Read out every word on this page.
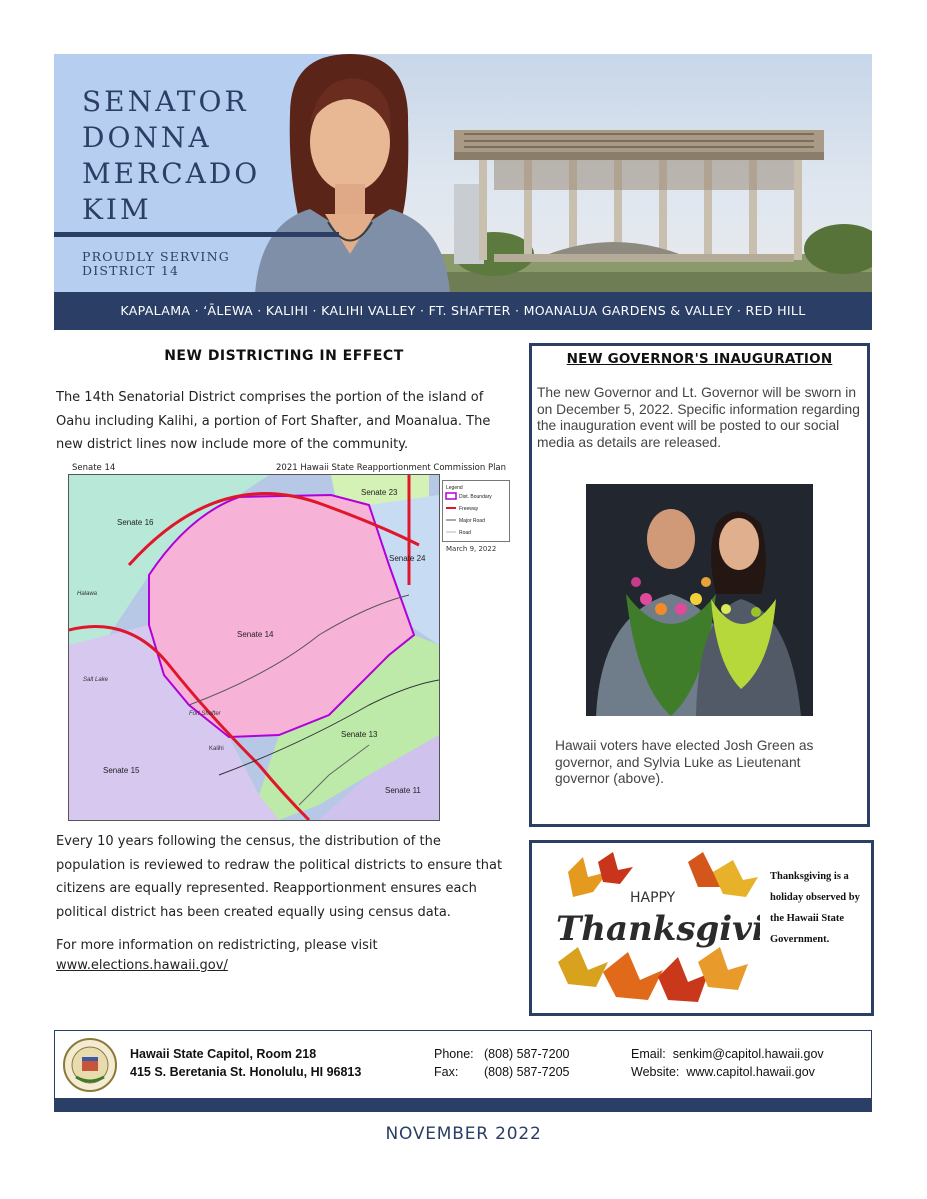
SENATOR
DONNA
MERCADO
KIM
PROUDLY SERVING
DISTRICT 14
KAPALAMA · ʻĀLEWA · KALIHI · KALIHI VALLEY · FT. SHAFTER · MOANALUA GARDENS & VALLEY · RED HILL
NEW DISTRICTING IN EFFECT
The 14th Senatorial District comprises the portion of the island of Oahu including Kalihi, a portion of Fort Shafter, and Moanalua. The new district lines now include more of the community.
Senate 14	2021 Hawaii State Reapportionment Commission Plan
Senate 14
Senate 16
Senate 23
Senate 24
Senate 13
Senate 15
Senate 11
Fort Shafter
Kalihi
Halawa
Salt Lake
Legend
Dist. Boundary
Freeway
Major Road
Road
March 9, 2022
Every 10 years following the census, the distribution of the population is reviewed to redraw the political districts to ensure that citizens are equally represented. Reapportionment ensures each political district has been created equally using census data.
For more information on redistricting, please visit
www.elections.hawaii.gov/
NEW GOVERNOR'S INAUGURATION
The new Governor and Lt. Governor will be sworn in on December 5, 2022. Specific information regarding the inauguration event will be posted to our social media as details are released.
Hawaii voters have elected Josh Green as governor, and Sylvia Luke as Lieutenant governor (above).
HAPPY
Thanksgiv
Thanksgiving is a holiday observed by the Hawaii State Government.
Hawaii State Capitol, Room 218
415 S. Beretania St. Honolulu, HI 96813
Phone: (808) 587-7200
Fax: (808) 587-7205
Email: senkim@capitol.hawaii.gov
Website: www.capitol.hawaii.gov
NOVEMBER 2022
